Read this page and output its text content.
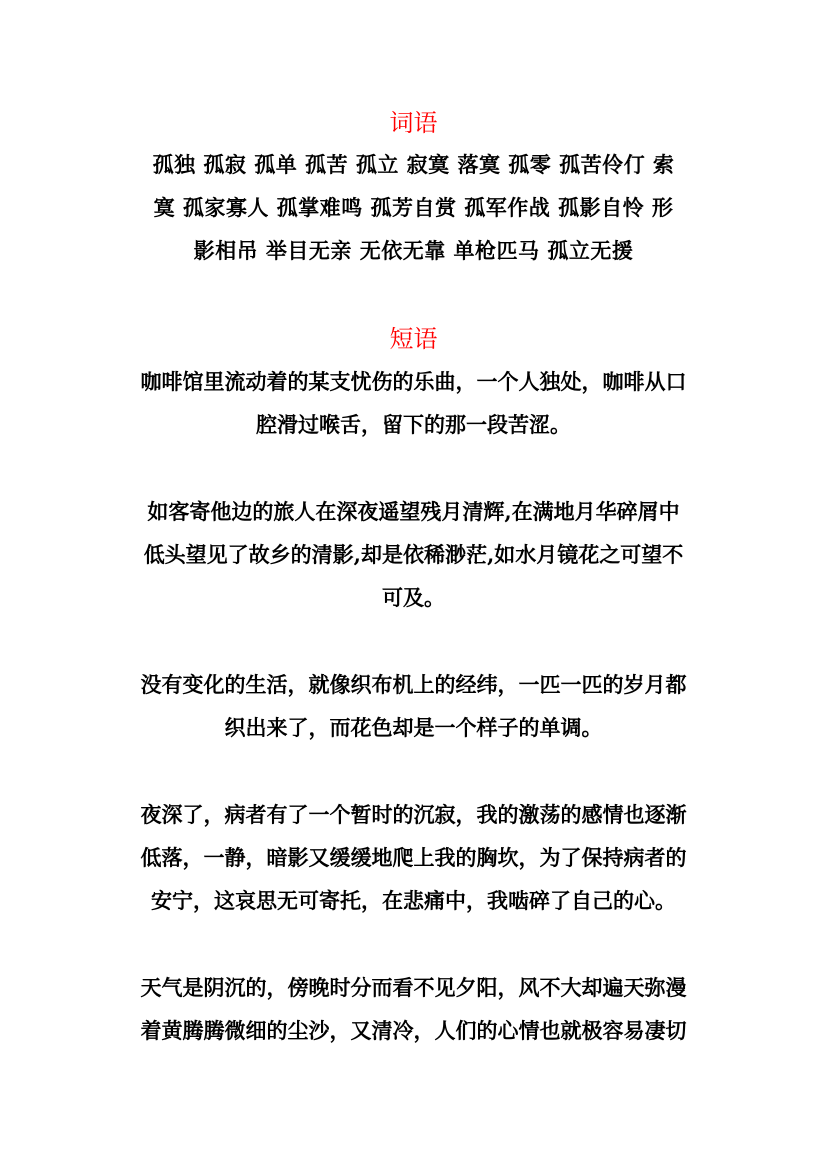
词语
孤独 孤寂 孤单 孤苦 孤立 寂寞 落寞 孤零 孤苦伶仃 索
寞 孤家寡人 孤掌难鸣 孤芳自赏 孤军作战 孤影自怜 形
影相吊 举目无亲 无依无靠 单枪匹马 孤立无援
短语
咖啡馆里流动着的某支忧伤的乐曲，一个人独处，咖啡从口
腔滑过喉舌，留下的那一段苦涩。
如客寄他边的旅人在深夜遥望残月清辉,在满地月华碎屑中
低头望见了故乡的清影,却是依稀渺茫,如水月镜花之可望不
可及。
没有变化的生活，就像织布机上的经纬，一匹一匹的岁月都
织出来了，而花色却是一个样子的单调。
夜深了，病者有了一个暂时的沉寂，我的激荡的感情也逐渐
低落，一静，暗影又缓缓地爬上我的胸坎，为了保持病者的
安宁，这哀思无可寄托，在悲痛中，我啮碎了自己的心。
天气是阴沉的，傍晚时分而看不见夕阳，风不大却遍天弥漫
着黄腾腾微细的尘沙，又清冷，人们的心情也就极容易凄切
